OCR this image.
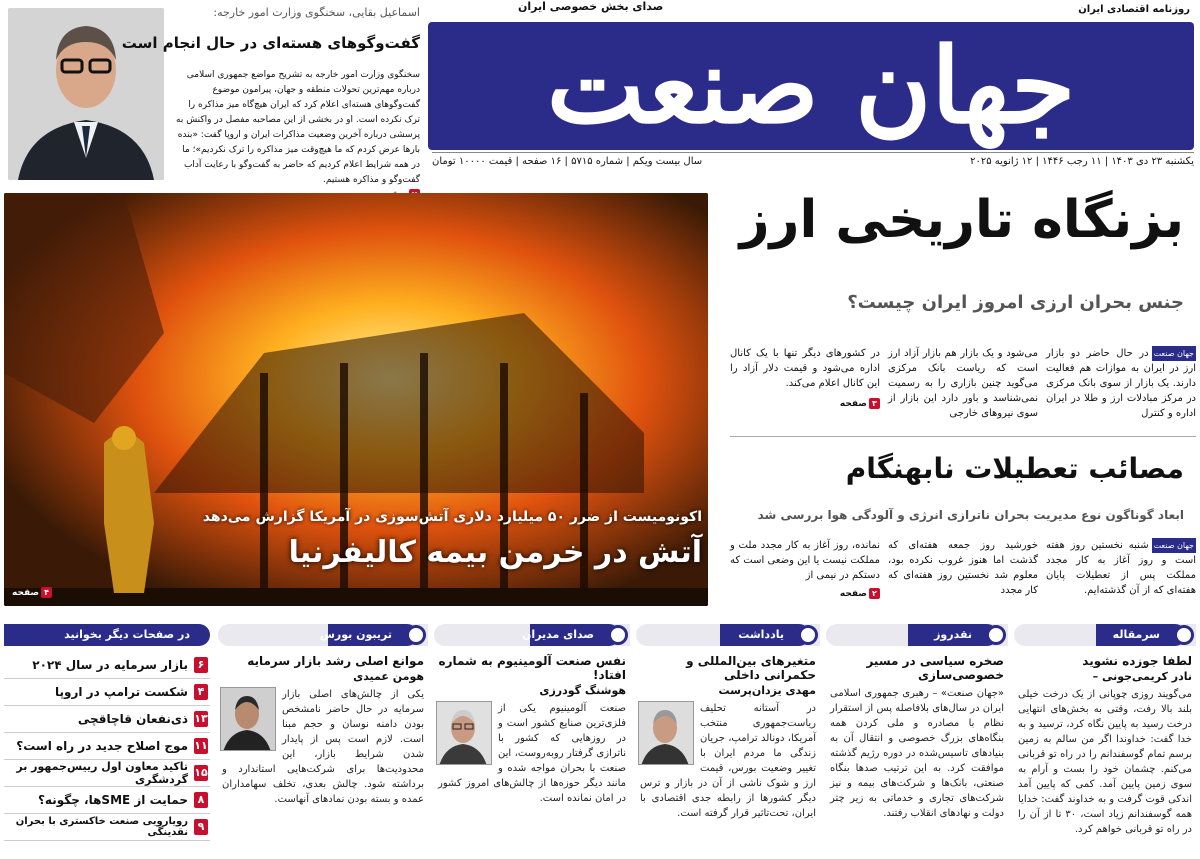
روزنامه اقتصادی ایران
صدای بخش خصوصی ایران
جهان صنعت
یکشنبه ۲۳ دی ۱۴۰۳ | ۱۱ رجب ۱۴۴۶ | ۱۲ ژانویه ۲۰۲۵
سال بیست ویکم | شماره ۵۷۱۵ | ۱۶ صفحه | قیمت ۱۰۰۰۰ تومان
اسماعیل بقایی، سخنگوی وزارت امور خارجه:
گفت‌وگوهای هسته‌ای در حال انجام است
سخنگوی وزارت امور خارجه به تشریح مواضع جمهوری اسلامی درباره مهم‌ترین تحولات منطقه و جهان، پیرامون موضوع گفت‌وگوهای هسته‌ای اعلام کرد که ایران هیچ‌گاه میز مذاکره را ترک نکرده است. او در بخشی از این مصاحبه مفصل در واکنش به پرسشی درباره آخرین وضعیت مذاکرات ایران و اروپا گفت: «بنده بارها عرض کردم که ما هیچ‌وقت میز مذاکره را ترک نکردیم»؛ ما در همه شرایط اعلام کردیم که حاضر به گفت‌وگو با رعایت آداب گفت‌وگو و مذاکره هستیم.
اکونومیست از ضرر ۵۰ میلیارد دلاری آتش‌سوزی در آمریکا گزارش می‌دهد
آتش در خرمن بیمه کالیفرنیا
۴صفحه
بزنگاه تاریخی ارز
جنس بحران ارزی امروز ایران چیست؟
جهان صنعتدر حال حاضر دو بازار ارز در ایران به موازات هم فعالیت دارند. یک بازار از سوی بانک مرکزی در مرکز مبادلات ارز و طلا در ایران اداره و کنترل
می‌شود و یک بازار هم بازار آزاد ارز است که ریاست بانک مرکزی می‌گوید چنین بازاری را به رسمیت نمی‌شناسد و باور دارد این بازار از سوی نیروهای خارجی
در کشورهای دیگر تنها با یک کانال اداره می‌شود و قیمت دلار آزاد را این کانال اعلام می‌کند.
۳صفحه
مصائب تعطیلات نابهنگام
ابعاد گوناگون نوع مدیریت بحران ناترازی انرژی و آلودگی هوا بررسی شد
جهان صنعتشنبه نخستین روز هفته است و روز آغاز به کار مجدد مملکت پس از تعطیلات پایان هفته‌ای که از آن گذشته‌ایم.
خورشید روز جمعه هفته‌ای که گذشت اما هنوز غروب نکرده بود، معلوم شد نخستین روز هفته‌ای که کار مجدد
نمانده، روز آغاز به کار مجدد ملت و مملکت نیست یا این وضعی است که دستکم در نیمی از
۲صفحه
سرمقاله
لطفا جوزده نشوید
نادر کریمی‌جونی –
می‌گویند روزی چوپانی از یک درخت خیلی بلند بالا رفت، وقتی به بخش‌های انتهایی درخت رسید به پایین نگاه کرد، ترسید و به خدا گفت: خداوندا اگر من سالم به زمین برسم تمام گوسفندانم را در راه تو قربانی می‌کنم. چشمان خود را بست و آرام به سوی زمین پایین آمد. کمی که پایین آمد اندکی قوت گرفت و به خداوند گفت: خدایا همه گوسفندانم زیاد است، ۳۰ تا از آن را در راه تو قربانی خواهم کرد.
نقدروز
صخره سیاسی در مسیر خصوصی‌سازی
«جهان صنعت» – رهبری جمهوری اسلامی ایران در سال‌های بلافاصله پس از استقرار نظام با مصادره و ملی کردن همه بنگاه‌های بزرگ خصوصی و انتقال آن به بنیادهای تاسیس‌شده در دوره رژیم گذشته موافقت کرد. به این ترتیب صدها بنگاه صنعتی، بانک‌ها و شرکت‌های بیمه و نیز شرکت‌های تجاری و خدماتی به زیر چتر دولت و نهادهای انقلاب رفتند.
یادداشت
متغیرهای بین‌المللی و حکمرانی داخلی
مهدی یزدان‌پرست
در آستانه تحلیف ریاست‌جمهوری منتخب آمریکا، دونالد ترامپ، جریان زندگی ما مردم ایران با تغییر وضعیت بورس، قیمت ارز و شوک ناشی از آن در بازار و ترس دیگر کشورها از رابطه جدی اقتصادی با ایران، تحت‌تاثیر قرار گرفته است.
صدای مدیران
نفس صنعت آلومینیوم به شماره افتاد!
هوشنگ گودرزی
صنعت آلومینیوم یکی از فلزی‌ترین صنایع کشور است و در روزهایی که کشور با ناترازی گرفتار روبه‌روست، این صنعت با بحران مواجه شده و مانند دیگر حوزه‌ها از چالش‌های امروز کشور در امان نمانده است.
تریبون بورس
موانع اصلی رشد بازار سرمایه
هومن عمیدی
یکی از چالش‌های اصلی بازار سرمایه در حال حاضر نامشخص بودن دامنه نوسان و حجم مبنا است. لازم است پس از پایدار شدن شرایط بازار، این محدودیت‌ها برای شرکت‌هایی استاندارد و برداشته شود. چالش بعدی، تخلف سهامداران عمده و بسته بودن نمادهای آنهاست.
در صفحات دیگر بخوانید
۶
بازار سرمایه در سال ۲۰۲۴
۴
شکست ترامپ در اروپا
۱۳
ذی‌نفعان قاچاقچی
۱۱
موج اصلاح جدید در راه است؟
۱۵
تاکید معاون اول رییس‌جمهور بر گردشگری
۸
حمایت از SMEها، چگونه؟
۹
رویارویی صنعت خاکستری با بحران نقدینگی
